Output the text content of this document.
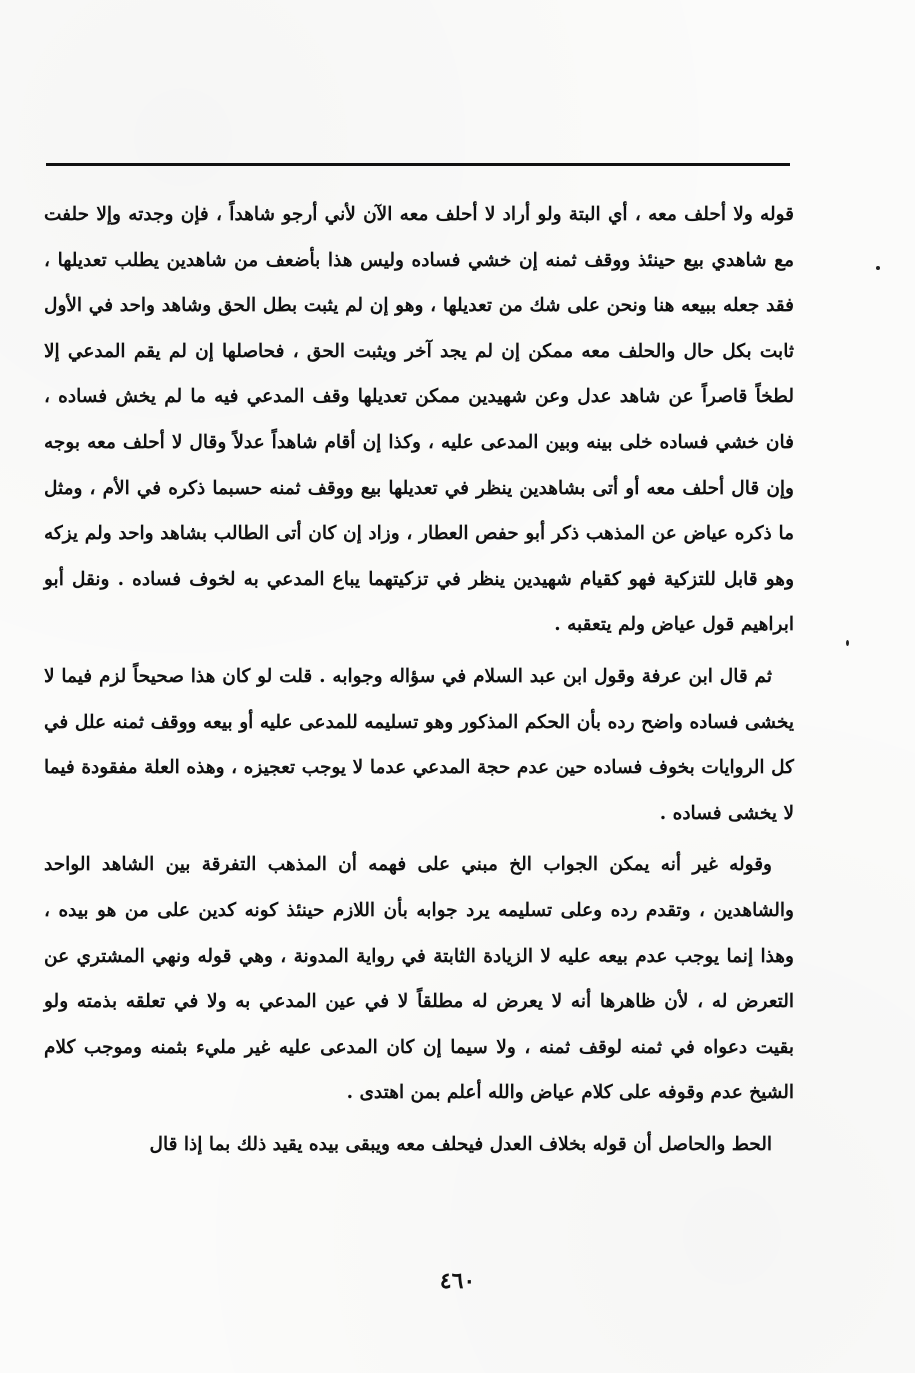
قوله ولا أحلف معه ، أي البتة ولو أراد لا أحلف معه الآن لأني أرجو شاهداً ، فإن وجدته وإلا حلفت مع شاهدي بيع حينئذ ووقف ثمنه إن خشي فساده وليس هذا بأضعف من شاهدين يطلب تعديلها ، فقد جعله ببيعه هنا ونحن على شك من تعديلها ، وهو إن لم يثبت بطل الحق وشاهد واحد في الأول ثابت بكل حال والحلف معه ممكن إن لم يجد آخر ويثبت الحق ، فحاصلها إن لم يقم المدعي إلا لطخاً قاصراً عن شاهد عدل وعن شهيدين ممكن تعديلها وقف المدعي فيه ما لم يخش فساده ، فان خشي فساده خلى بينه وبين المدعى عليه ، وكذا إن أقام شاهداً عدلاً وقال لا أحلف معه بوجه وإن قال أحلف معه أو أتى بشاهدين ينظر في تعديلها بيع ووقف ثمنه حسبما ذكره في الأم ، ومثل ما ذكره عياض عن المذهب ذكر أبو حفص العطار ، وزاد إن كان أتى الطالب بشاهد واحد ولم يزكه وهو قابل للتزكية فهو كقيام شهيدين ينظر في تزكيتهما يباع المدعي به لخوف فساده . ونقل أبو ابراهيم قول عياض ولم يتعقبه .

ثم قال ابن عرفة وقول ابن عبد السلام في سؤاله وجوابه . قلت لو كان هذا صحيحاً لزم فيما لا يخشى فساده واضح رده بأن الحكم المذكور وهو تسليمه للمدعى عليه أو بيعه ووقف ثمنه علل في كل الروايات بخوف فساده حين عدم حجة المدعي عدما لا يوجب تعجيزه ، وهذه العلة مفقودة فيما لا يخشى فساده .

وقوله غير أنه يمكن الجواب الخ مبني على فهمه أن المذهب التفرقة بين الشاهد الواحد والشاهدين ، وتقدم رده وعلى تسليمه يرد جوابه بأن اللازم حينئذ كونه كدين على من هو بيده ، وهذا إنما يوجب عدم بيعه عليه لا الزيادة الثابتة في رواية المدونة ، وهي قوله ونهي المشتري عن التعرض له ، لأن ظاهرها أنه لا يعرض له مطلقاً لا في عين المدعي به ولا في تعلقه بذمته ولو بقيت دعواه في ثمنه لوقف ثمنه ، ولا سيما إن كان المدعى عليه غير مليء بثمنه وموجب كلام الشيخ عدم وقوفه على كلام عياض والله أعلم بمن اهتدى .

الحط والحاصل أن قوله بخلاف العدل فيحلف معه ويبقى بيده يقيد ذلك بما إذا قال

٤٦٠
